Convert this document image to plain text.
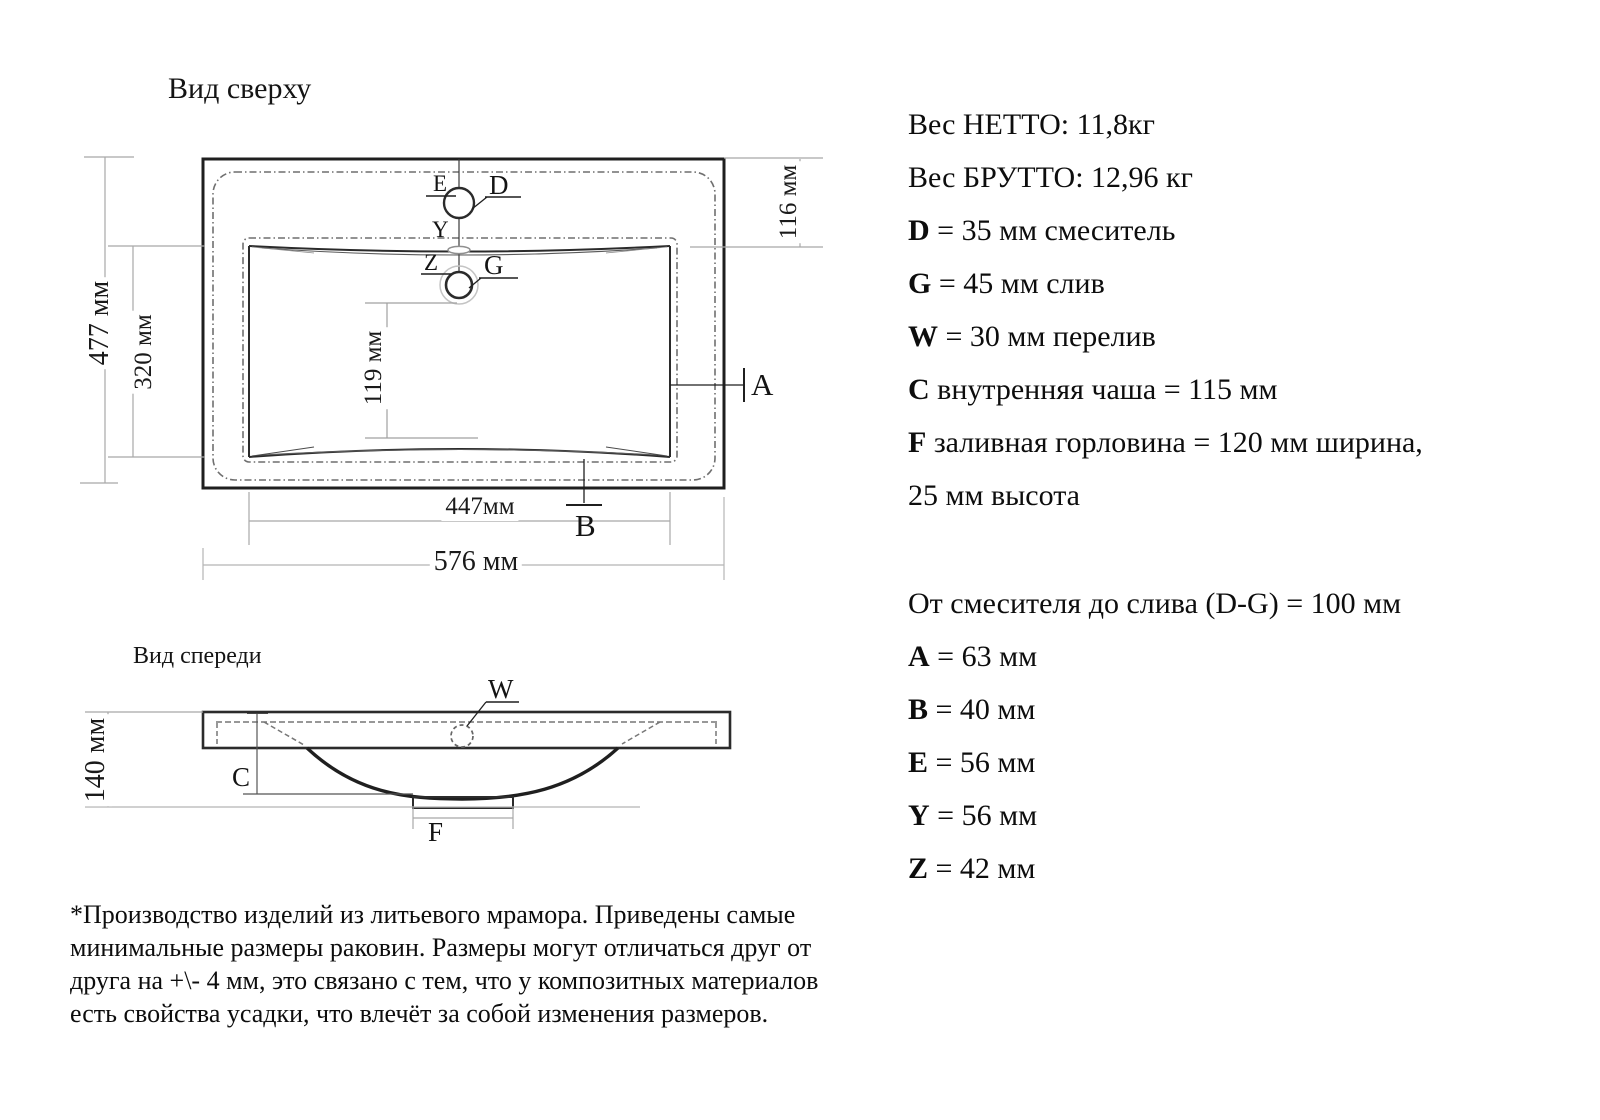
Вид сверху
Вид спереди
E D
Y
Z G
A
B
477 мм 320 мм	119 мм
116 мм
447мм
576 мм
W
C
F
140 мм
Вес НЕТТО: 11,8кг
Вес БРУТТО: 12,96 кг
D = 35 мм смеситель
G = 45 мм слив
W = 30 мм перелив
C внутренняя чаша = 115 мм
F заливная горловина = 120 мм ширина,
25 мм высота
От смесителя до слива (D-G) = 100 мм
A = 63 мм
B = 40 мм
E = 56 мм
Y = 56 мм
Z = 42 мм
*Производство изделий из литьевого мрамора. Приведены самые
минимальные размеры раковин. Размеры могут отличаться друг от
друга на +\- 4 мм, это связано с тем, что у композитных материалов
есть свойства усадки, что влечёт за собой изменения размеров.
